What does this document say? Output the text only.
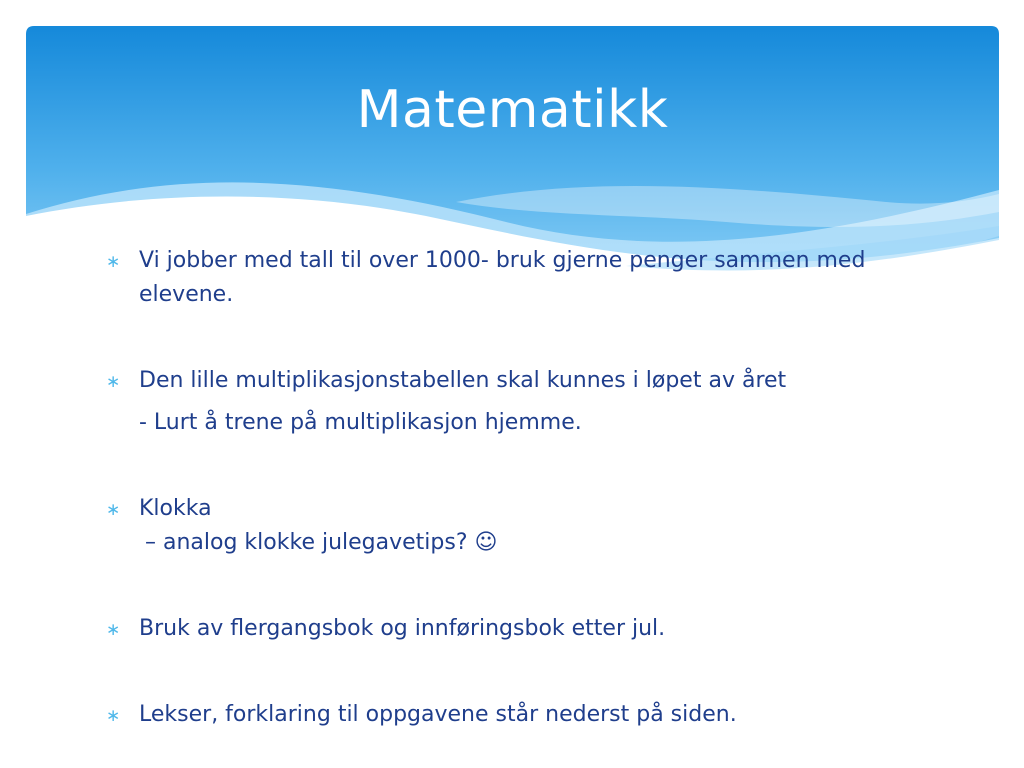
Matematikk
∗ Vi jobber med tall til over 1000- bruk gjerne penger sammen med elevene.
∗ Den lille multiplikasjonstabellen skal kunnes i løpet av året
- Lurt å trene på multiplikasjon hjemme.
∗ Klokka
– analog klokke julegavetips? ☺
∗ Bruk av flergangsbok og innføringsbok etter jul.
∗ Lekser, forklaring til oppgavene står nederst på siden.
